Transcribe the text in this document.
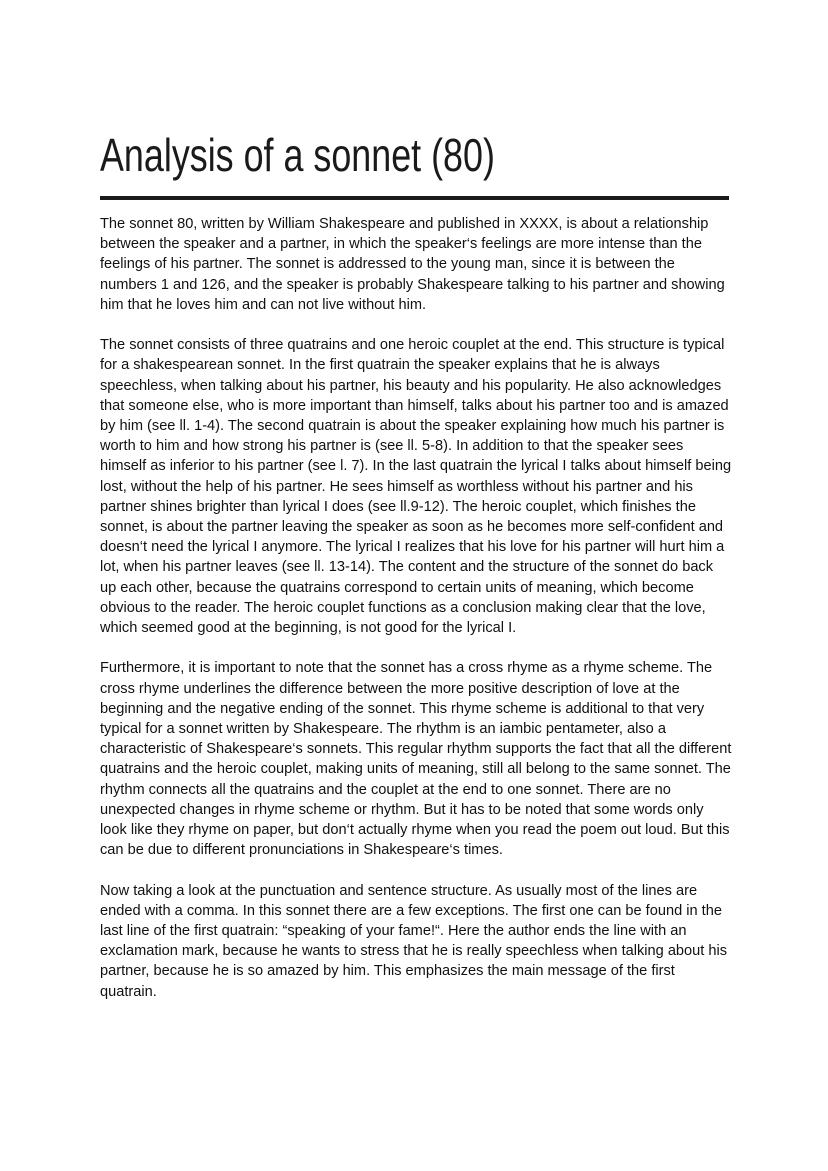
Analysis of a sonnet (80)

The sonnet 80, written by William Shakespeare and published in XXXX, is about a relationship between the speaker and a partner, in which the speaker‘s feelings are more intense than the feelings of his partner. The sonnet is addressed to the young man, since it is between the numbers 1 and 126, and the speaker is probably Shakespeare talking to his partner and showing him that he loves him and can not live without him.

The sonnet consists of three quatrains and one heroic couplet at the end. This structure is typical for a shakespearean sonnet. In the first quatrain the speaker explains that he is always speechless, when talking about his partner, his beauty and his popularity. He also acknowledges that someone else, who is more important than himself, talks about his partner too and is amazed by him (see ll. 1-4). The second quatrain is about the speaker explaining how much his partner is worth to him and how strong his partner is (see ll. 5-8). In addition to that the speaker sees himself as inferior to his partner (see l. 7). In the last quatrain the lyrical I talks about himself being lost, without the help of his partner. He sees himself as worthless without his partner and his partner shines brighter than lyrical I does (see ll.9-12). The heroic couplet, which finishes the sonnet, is about the partner leaving the speaker as soon as he becomes more self-confident and doesn‘t need the lyrical I anymore. The lyrical I realizes that his love for his partner will hurt him a lot, when his partner leaves (see ll. 13-14). The content and the structure of the sonnet do back up each other, because the quatrains correspond to certain units of meaning, which become obvious to the reader. The heroic couplet functions as a conclusion making clear that the love, which seemed good at the beginning, is not good for the lyrical I.

Furthermore, it is important to note that the sonnet has a cross rhyme as a rhyme scheme. The cross rhyme underlines the difference between the more positive description of love at the beginning and the negative ending of the sonnet. This rhyme scheme is additional to that very typical for a sonnet written by Shakespeare. The rhythm is an iambic pentameter, also a characteristic of Shakespeare‘s sonnets. This regular rhythm supports the fact that all the different quatrains and the heroic couplet, making units of meaning, still all belong to the same sonnet. The rhythm connects all the quatrains and the couplet at the end to one sonnet. There are no unexpected changes in rhyme scheme or rhythm. But it has to be noted that some words only look like they rhyme on paper, but don‘t actually rhyme when you read the poem out loud. But this can be due to different pronunciations in Shakespeare‘s times.

Now taking a look at the punctuation and sentence structure. As usually most of the lines are ended with a comma. In this sonnet there are a few exceptions. The first one can be found in the last line of the first quatrain: “speaking of your fame!“. Here the author ends the line with an exclamation mark, because he wants to stress that he is really speechless when talking about his partner, because he is so amazed by him. This emphasizes the main message of the first quatrain.
